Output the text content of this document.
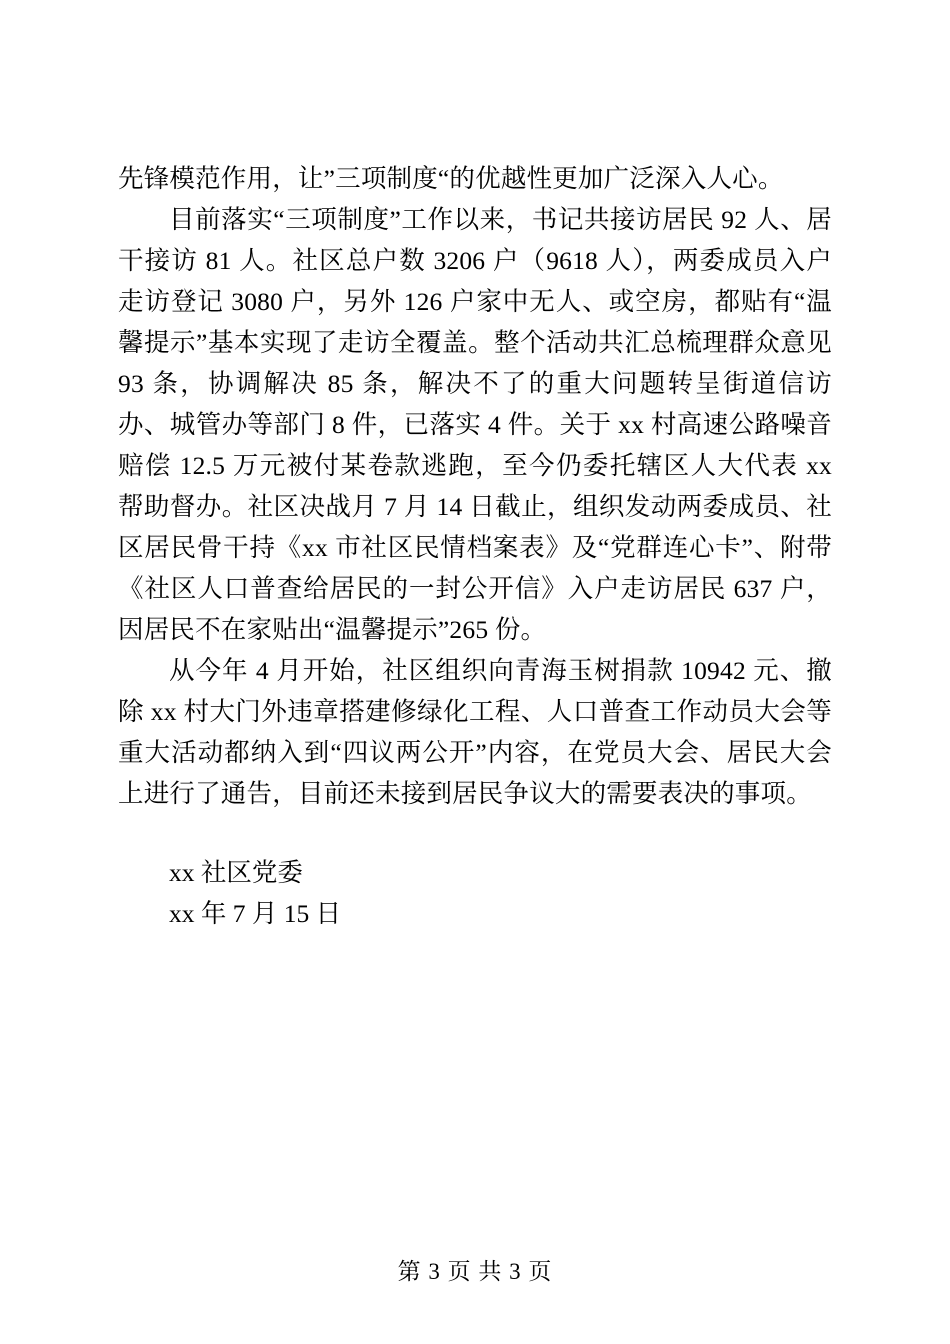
先锋模范作用，让”三项制度“的优越性更加广泛深入人心。

目前落实“三项制度”工作以来，书记共接访居民 92 人、居干接访 81 人。社区总户数 3206 户（9618 人），两委成员入户走访登记 3080 户，另外 126 户家中无人、或空房，都贴有“温馨提示”基本实现了走访全覆盖。整个活动共汇总梳理群众意见 93 条，协调解决 85 条，解决不了的重大问题转呈街道信访办、城管办等部门 8 件，已落实 4 件。关于 xx 村高速公路噪音赔偿 12.5 万元被付某卷款逃跑，至今仍委托辖区人大代表 xx 帮助督办。社区决战月 7 月 14 日截止，组织发动两委成员、社区居民骨干持《xx 市社区民情档案表》及“党群连心卡”、附带《社区人口普查给居民的一封公开信》入户走访居民 637 户，因居民不在家贴出“温馨提示”265 份。

从今年 4 月开始，社区组织向青海玉树捐款 10942 元、撤除 xx 村大门外违章搭建修绿化工程、人口普查工作动员大会等重大活动都纳入到“四议两公开”内容，在党员大会、居民大会上进行了通告，目前还未接到居民争议大的需要表决的事项。

xx 社区党委

xx 年 7 月 15 日

第 3 页 共 3 页
